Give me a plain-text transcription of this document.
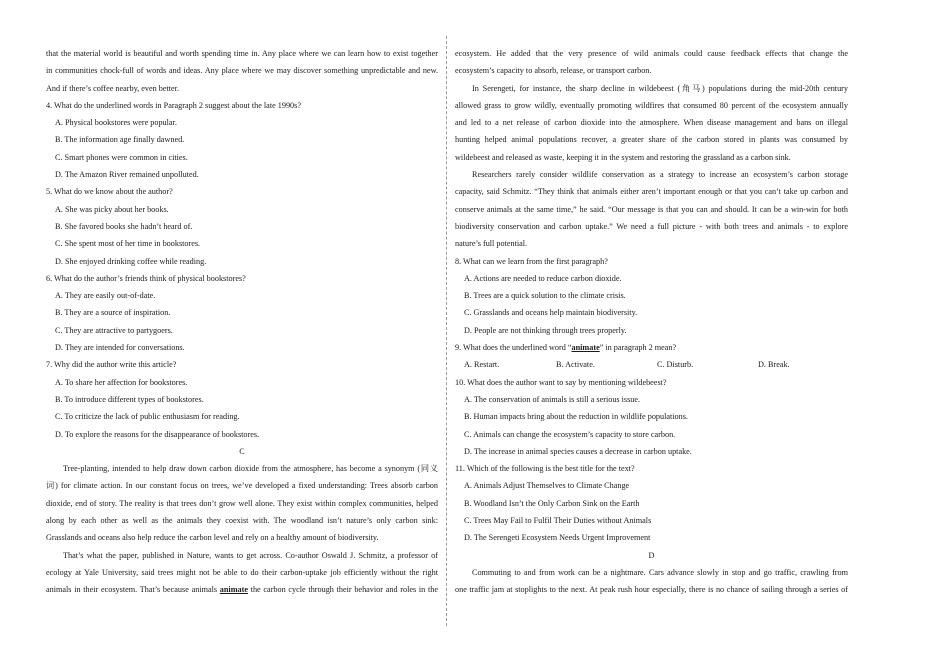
that the material world is beautiful and worth spending time in. Any place where we can learn how to exist together

in communities chock-full of words and ideas. Any place where we may discover something unpredictable and new.

And if there’s coffee nearby, even better.

4. What do the underlined words in Paragraph 2 suggest about the late 1990s?

A. Physical bookstores were popular.

B. The information age finally dawned.

C. Smart phones were common in cities.

D. The Amazon River remained unpolluted.

5. What do we know about the author?

A. She was picky about her books.

B. She favored books she hadn’t heard of.

C. She spent most of her time in bookstores.

D. She enjoyed drinking coffee while reading.

6. What do the author’s friends think of physical bookstores?

A. They are easily out-of-date.

B. They are a source of inspiration.

C. They are attractive to partygoers.

D. They are intended for conversations.

7. Why did the author write this article?

A. To share her affection for bookstores.

B. To introduce different types of bookstores.

C. To criticize the lack of public enthusiasm for reading.

D. To explore the reasons for the disappearance of bookstores.

C

Tree-planting, intended to help draw down carbon dioxide from the atmosphere, has become a synonym (同义

词) for climate action. In our constant focus on trees, we’ve developed a fixed understanding: Trees absorb carbon

dioxide, end of story. The reality is that trees don’t grow well alone. They exist within complex communities, helped

along by each other as well as the animals they coexist with. The woodland isn’t nature’s only carbon sink:

Grasslands and oceans also help reduce the carbon level and rely on a healthy amount of biodiversity.

That’s what the paper, published in Nature, wants to get across. Co-author Oswald J. Schmitz, a professor of

ecology at Yale University, said trees might not be able to do their carbon-uptake job efficiently without the right

animals in their ecosystem. That’s because animals animate the carbon cycle through their behavior and roles in the

ecosystem. He added that the very presence of wild animals could cause feedback effects that change the

ecosystem’s capacity to absorb, release, or transport carbon.

In Serengeti, for instance, the sharp decline in wildebeest (角马) populations during the mid-20th century

allowed grass to grow wildly, eventually promoting wildfires that consumed 80 percent of the ecosystem annually

and led to a net release of carbon dioxide into the atmosphere. When disease management and bans on illegal

hunting helped animal populations recover, a greater share of the carbon stored in plants was consumed by

wildebeest and released as waste, keeping it in the system and restoring the grassland as a carbon sink.

Researchers rarely consider wildlife conservation as a strategy to increase an ecosystem’s carbon storage

capacity, said Schmitz. “They think that animals either aren’t important enough or that you can’t take up carbon and

conserve animals at the same time,” he said. “Our message is that you can and should. It can be a win-win for both

biodiversity conservation and carbon uptake.” We need a full picture - with both trees and animals - to explore

nature’s full potential.

8. What can we learn from the first paragraph?

A. Actions are needed to reduce carbon dioxide.

B. Trees are a quick solution to the climate crisis.

C. Grasslands and oceans help maintain biodiversity.

D. People are not thinking through trees properly.

9. What does the underlined word “animate” in paragraph 2 mean?

A. Restart.	B. Activate.	C. Disturb.	D. Break.

10. What does the author want to say by mentioning wildebeest?

A. The conservation of animals is still a serious issue.

B. Human impacts bring about the reduction in wildlife populations.

C. Animals can change the ecosystem’s capacity to store carbon.

D. The increase in animal species causes a decrease in carbon uptake.

11. Which of the following is the best title for the text?

A. Animals Adjust Themselves to Climate Change

B. Woodland Isn’t the Only Carbon Sink on the Earth

C. Trees May Fail to Fulfil Their Duties without Animals

D. The Serengeti Ecosystem Needs Urgent Improvement

D

Commuting to and from work can be a nightmare. Cars advance slowly in stop and go traffic, crawling from

one traffic jam at stoplights to the next. At peak rush hour especially, there is no chance of sailing through a series of
